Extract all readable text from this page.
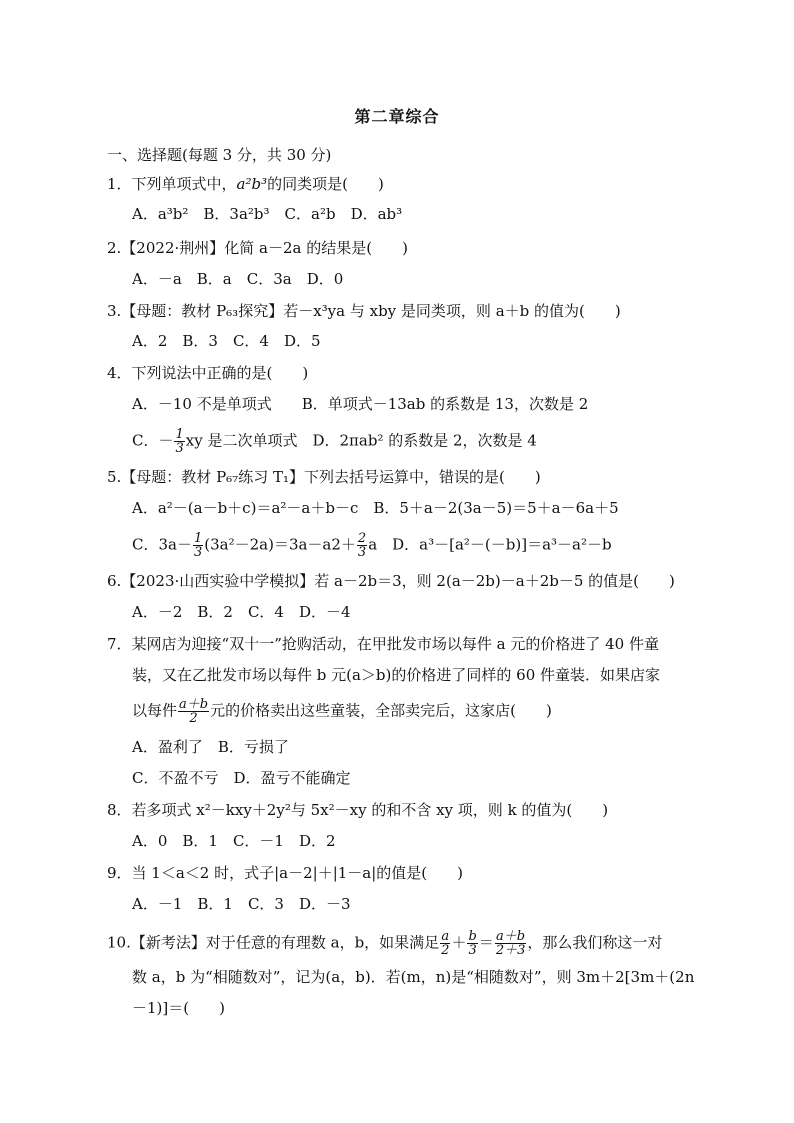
第二章综合
一、选择题(每题 3 分，共 30 分)
1．下列单项式中，a²b³的同类项是(　　)
A．a³b²　B．3a²b³　C．a²b　D．ab³
2.【2022·荆州】化简 a－2a 的结果是(　　)
A．－a　B．a　C．3a　D．0
3.【母题：教材 P₆₃探究】若－x³ya 与 xby 是同类项，则 a＋b 的值为(　　)
A．2　B．3　C．4　D．5
4．下列说法中正确的是(　　)
A．－10 不是单项式　　B．单项式－13ab 的系数是 13，次数是 2
C．－ $\frac{1}{3}$ xy 是二次单项式　D．2πab² 的系数是 2，次数是 4
5.【母题：教材 P₆₇练习 T₁】下列去括号运算中，错误的是(　　)
A．a²－(a－b＋c)＝a²－a＋b－c　B．5＋a－2(3a－5)＝5＋a－6a＋5
C．$3a- \frac{1}{3} (3a^2-2a)=3a-a2+ \frac{2}{3}$ a　D．a³－[a²－(－b)]＝a³－a²－b
6.【2023·山西实验中学模拟】若 a－2b＝3，则 2(a－2b)－a＋2b－5 的值是(　　)
A．－2　B．2　C．4　D．－4
7．某网店为迎接“双十一”抢购活动，在甲批发市场以每件 a 元的价格进了 40 件童
装，又在乙批发市场以每件 b 元(a＞b)的价格进了同样的 60 件童装．如果店家
以每件 $\frac{a+b}{2}$ 元的价格卖出这些童装，全部卖完后，这家店(　　)
A．盈利了　B．亏损了
C．不盈不亏　D．盈亏不能确定
8．若多项式 x²－kxy＋2y²与 5x²－xy 的和不含 xy 项，则 k 的值为(　　)
A．0　B．1　C．－1　D．2
9．当 1＜a＜2 时，式子|a－2|＋|1－a|的值是(　　)
A．－1　B．1　C．3　D．－3
10.【新考法】对于任意的有理数 a，b，如果满足 $\frac{a}{2} + \frac{b}{3} = \frac{a+b}{2+3}$ ，那么我们称这一对
数 a，b 为“相随数对”，记为(a，b)．若(m，n)是“相随数对”，则 3m＋2[3m＋(2n
－1)]＝(　　)
